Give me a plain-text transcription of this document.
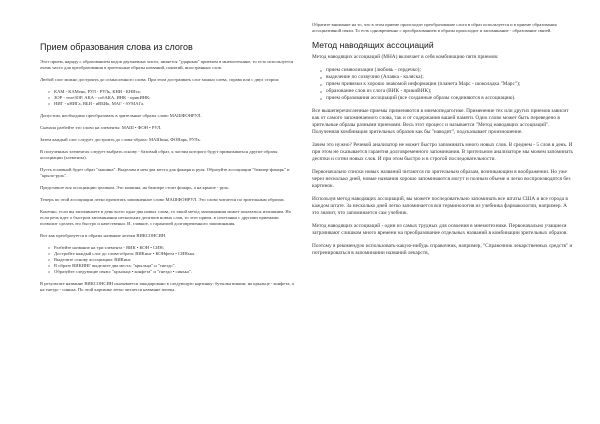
Прием образования слова из слогов

Этот прием, наряду с образованием кодов двузначных чисел, является "ударным" приемом в мнемотехнике, то есть используется очень часто для преобразования в зрительные образы названий, понятий, иностранных слов.

Любой слог можно достроить до осмысленного слова. При этом достраивать слог можно слева, справа или с двух сторон:

o КАМ - КАМень, РУЛ - РУЛь, КНИ - КНИга;
o ЗОР - телеЗОР, АКА - собАКА, ИНК - прикИНК;
o НИГ - кНИГа, ВБИ - иВБИк, МАГ - бУМАГа.

Допустим, необходимо преобразовать в зрительные образы слово МАШФОНРУЛ.

Сначала разбейте это слово на элементы: МАШ • ФОН • РУЛ.

Затем каждый слог следует достроить до слова-образа: МАШина, ФОНарь, РУЛь.

В полученных элементах следует выбрать основу - базовый образ, к частям которого будут привязываться другие образы ассоциации (элементы).

Пусть основной будет образ "машина". Выделим в нем два места для фонаря и руля. Образуйте ассоциации "бампер-фонарь" и "крыло-руль".

Представьте вся ассоциацию целиком. Это машина, на бампере стоит фонарь, а на крыше - руль.

Теперь по этой ассоциации легко прочитать запомненное слово МАШФОНРУЛ. Это слово читается по зрительным образам.

Конечно, если вы запоминаете в день всего одно-два новых слова, то такой метод запоминания может показаться излишним. Но если речь идет о быстром запоминании нескольких десятков новых слов, то этот прием, в сочетании с другими приемами позволит сделать это быстро и качественно. И, главное, с гарантией долговременного запоминания.

Вот как преобразуется в образы название аптеки ВИКСОНСИН.

o Разбейте название на три элемента - ВИК • КОН • СИН;
o Достройте каждый слог до слова-образа: ВИКинг • КОНфета • СИНька.
o Выделите основу ассоциации: ВИКинг.
o В образе ВИКИНГ выделите два места: "крыльца" и "гнездо".
o Образуйте следующие связи: "крыльца • конфета" и "гнездо • синька".

В результате название ВИКСОНСИН оказывается закодировано в следующую картинку: бутылка викинг, на крыльце - конфета, а на гнездо - синька. По этой картинке легко читается название аптека.

Обратите внимание на то, что в этом приеме происходит преобразование слога в образ используется и в приеме образования ассоциативной связи. То есть одновременно с преобразованием в образы происходит и запоминание - образование связей.

Метод наводящих ассоциаций

Метод наводящих ассоциаций (МНА) включает в себя комбинацию пяти приемов:

o прием символизации (любовь - сердечко);
o выделение по созвучию (Алаяка - коляска);
o прием привязки к хорошо знакомой информации (планета Марс - шоколадка "Марс");
o образование слов из слога (ВИК - прикиВИК);
o прием образования ассоциаций (все созданные образы соединяются в ассоциацию).

Все вышеперечисленные приемы применяются в мнемопедагогике. Применение тех или других приемов зависит как от самого запоминаемого слова, так и от содержания вашей памяти. Одно слово может быть переведено в зрительные образы разными приемами. Весь этот процесс и называется "Метод наводящих ассоциаций". Полученная комбинация зрительных образов как бы "наводит", подсказывает произношение.

Зачем это нужно? Речевой анализатор не может быстро запоминать много новых слов. В среднем - 5 слов в день. И при этом не сказывается гарантия долговременного запоминания. В зрительном анализаторе мы можем запоминать десятки и сотни новых слов. И при этом быстро и в строгой последовательности.

Первоначально списки новых названий читаются по зрительным образам, возникающим в воображении. Но уже через несколько дней, новые названия хорошо запоминаются могут и полным объеме и легко воспроизводятся без картинок.

Используя метод наводящих ассоциаций, вы можете последовательно запоминать все штаты США и все города в каждом штате. За несколько дней легко запоминается вся терминология из учебника фармакологии, например. А это значит, что запоминается сам учебник.

Метод наводящих ассоциаций - один из самых трудных для освоения в мнемотехнике. Первоначально учащиеся затрачивают слишком много времени на преобразование отдельных названий в комбинации зрительных образов.

Поэтому я рекомендую использовать-какую-нибудь справочник, например, "Справочник лекарственных средств" и потренироваться в запоминании названий лекарств,
